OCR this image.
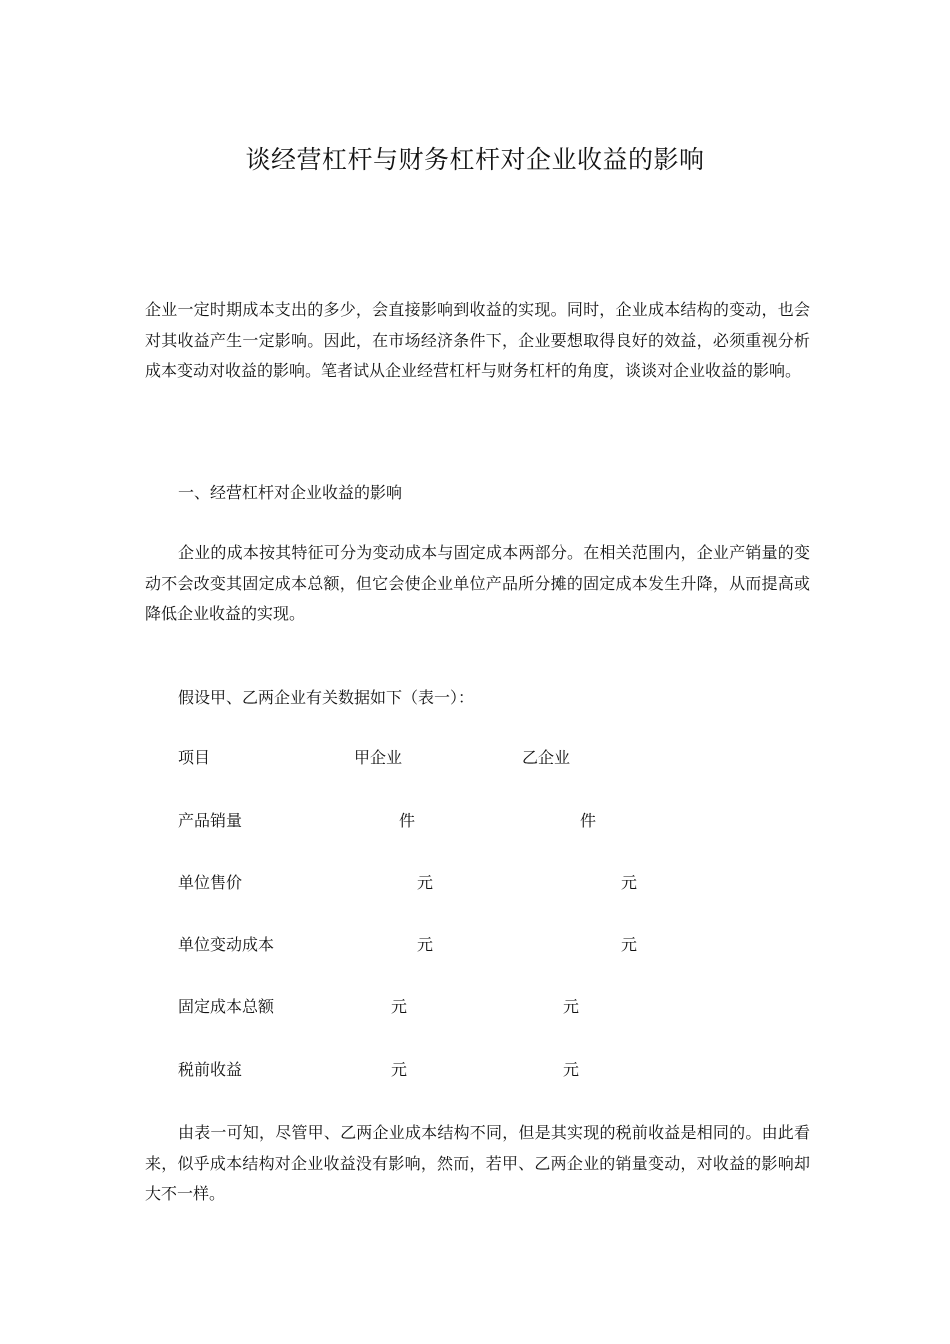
谈经营杠杆与财务杠杆对企业收益的影响

企业一定时期成本支出的多少，会直接影响到收益的实现。同时，企业成本结构的变动，也会对其收益产生一定影响。因此，在市场经济条件下，企业要想取得良好的效益，必须重视分析成本变动对收益的影响。笔者试从企业经营杠杆与财务杠杆的角度，谈谈对企业收益的影响。

一、经营杠杆对企业收益的影响

企业的成本按其特征可分为变动成本与固定成本两部分。在相关范围内，企业产销量的变动不会改变其固定成本总额，但它会使企业单位产品所分摊的固定成本发生升降，从而提高或降低企业收益的实现。

假设甲、乙两企业有关数据如下（表一）：

项目	甲企业	乙企业
产品销量	件	件
单位售价	元	元
单位变动成本	元	元
固定成本总额	元	元
税前收益	元	元

由表一可知，尽管甲、乙两企业成本结构不同，但是其实现的税前收益是相同的。由此看来，似乎成本结构对企业收益没有影响，然而，若甲、乙两企业的销量变动，对收益的影响却大不一样。
